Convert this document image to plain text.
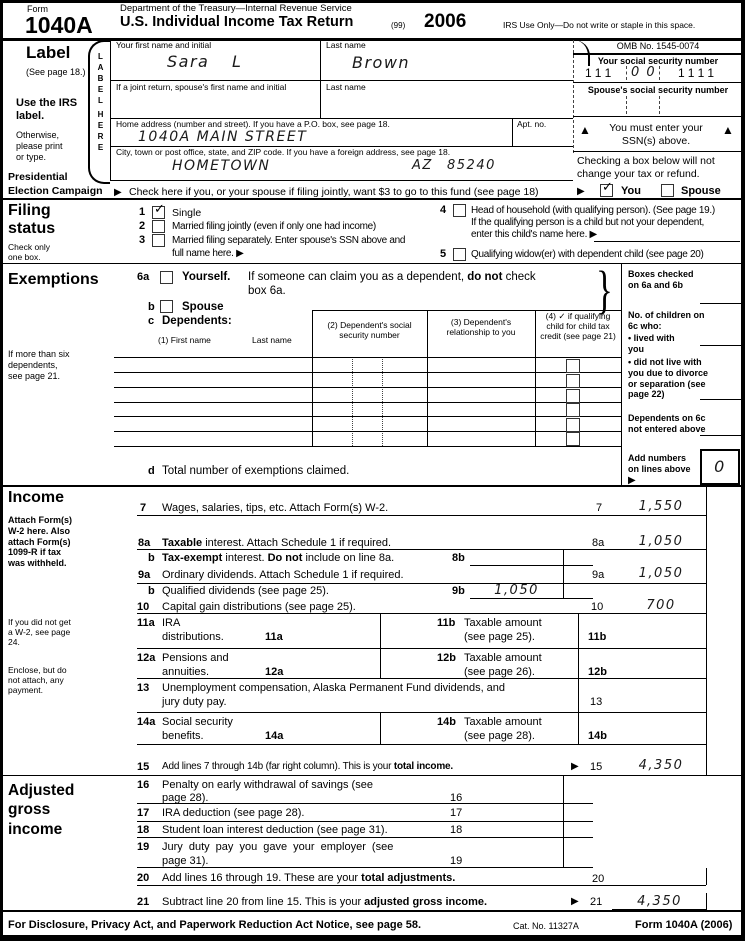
Form
1040A
Department of the Treasury—Internal Revenue Service
U.S. Individual Income Tax Return	(99) 2006	IRS Use Only—Do not write or staple in this space.
Label
(See page 18.)
Use the IRS label.
Otherwise, please print or type.
Presidential
Election Campaign
LABEL
HERE
Your first name and initial
Sara L
Last name
Brown
If a joint return, spouse's first name and initial	Last name
Home address (number and street). If you have a P.O. box, see page 18.
1040A MAIN STREET
Apt. no.
City, town or post office, state, and ZIP code. If you have a foreign address, see page 18.
HOMETOWN	AZ 85240
▶ Check here if you, or your spouse if filing jointly, want $3 to go to this fund (see page 18)
OMB No. 1545-0074
Your social security number
111 0 0 1111
Spouse's social security number
▲	You must enter your SSN(s) above.
▲
Checking a box below will not change your tax or refund.
▶ ✓ You	Spouse
Filing
status
Check only one box.
1 ✓ Single
2	Married filing jointly (even if only one had income)
3	Married filing separately. Enter spouse's SSN above and
full name here. ▶
4 Head of household (with qualifying person). (See page 19.)
If the qualifying person is a child but not your dependent,
enter this child's name here. ▶
5 Qualifying widow(er) with dependent child (see page 20)
Exemptions
If more than six dependents, see page 21.
6a	Yourself. If someone can claim you as a dependent, do not check
box 6a.	}
b Spouse
c Dependents:
(1) First name	Last name
(2) Dependent's social security number
(3) Dependent's relationship to you
(4) ✓ if qualifying child for child tax credit (see page 21)
d Total number of exemptions claimed.
Boxes checked on 6a and 6b
No. of children on 6c who:
• lived with you
• did not live with you due to divorce or separation (see page 22)
Dependents on 6c not entered above
Add numbers on lines above ▶
0
Income
Attach Form(s) W-2 here. Also attach Form(s) 1099-R if tax was withheld.
If you did not get a W-2, see page 24.
Enclose, but do not attach, any payment.
7 Wages, salaries, tips, etc. Attach Form(s) W-2.	7	1,550
8a Taxable interest. Attach Schedule 1 if required.	8a	1,050
b Tax-exempt interest. Do not include on line 8a.	8b
9a Ordinary dividends. Attach Schedule 1 if required.	9a	1,050
b Qualified dividends (see page 25).	9b	1,050
10 Capital gain distributions (see page 25).	10	700
11a IRA
distributions.	11a
11b Taxable amount
(see page 25).	11b
12a Pensions and
annuities.	12a
12b Taxable amount
(see page 26).	12b
13 Unemployment compensation, Alaska Permanent Fund dividends, and
jury duty pay.	13
14a Social security
benefits.	14a
14b Taxable amount
(see page 28).	14b
15 Add lines 7 through 14b (far right column). This is your total income.	▶ 15	4,350
Adjusted gross income
16 Penalty on early withdrawal of savings (see
page 28).	16
17 IRA deduction (see page 28).	17
18 Student loan interest deduction (see page 31).	18
19 Jury duty pay you gave your employer (see
page 31).	19
20 Add lines 16 through 19. These are your total adjustments.	20
21 Subtract line 20 from line 15. This is your adjusted gross income.	▶ 21	4,350
For Disclosure, Privacy Act, and Paperwork Reduction Act Notice, see page 58.	Cat. No. 11327A	Form 1040A (2006)
